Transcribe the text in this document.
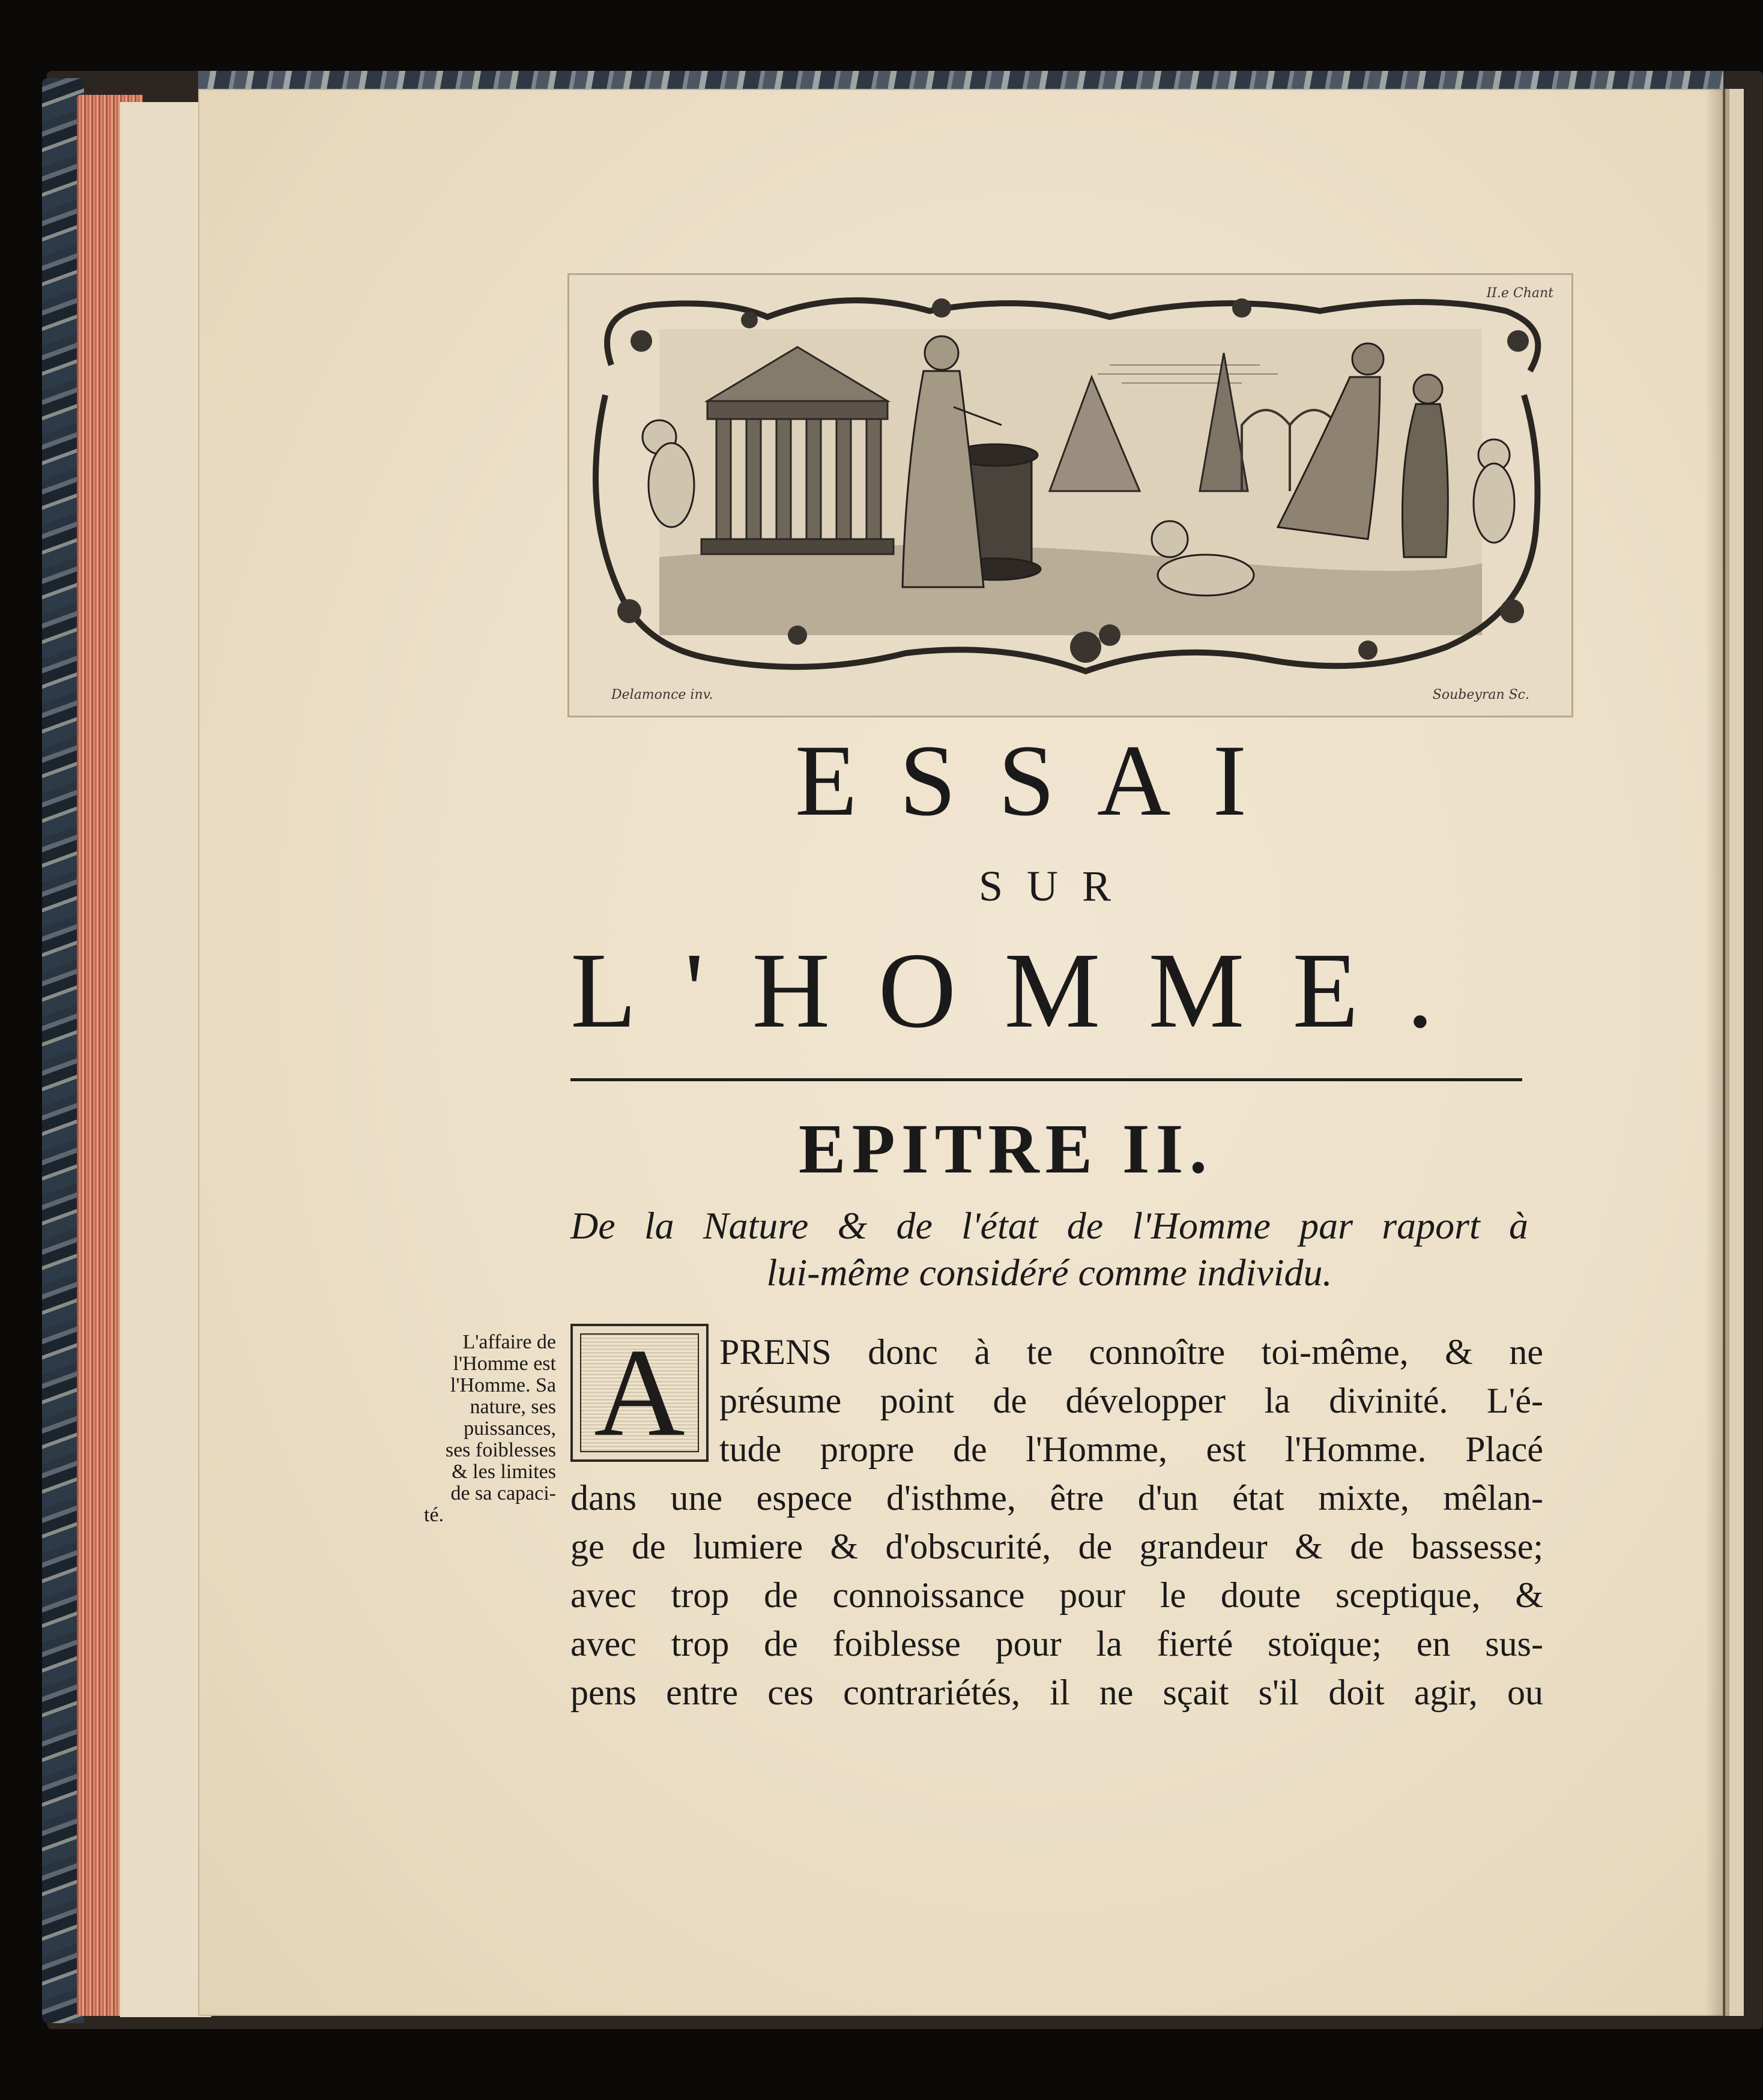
II.e Chant
Delamonce inv.	Soubeyran Sc.
ESSAI
SUR
L'HOMME.
EPITRE II.
De la Nature & de l'état de l'Homme par raport à
lui-même considéré comme individu.
L'affaire de
l'Homme est
l'Homme. Sa
nature, ses
puissances,
ses foiblesses
& les limites
de sa capaci-
té.
A PRENS donc à te connoître toi-même, & ne
présume point de développer la divinité. L'é-
tude propre de l'Homme, est l'Homme. Placé
dans une espece d'isthme, être d'un état mixte, mêlan-
ge de lumiere & d'obscurité, de grandeur & de bassesse;
avec trop de connoissance pour le doute sceptique, &
avec trop de foiblesse pour la fierté stoïque; en sus-
pens entre ces contrariétés, il ne sçait s'il doit agir, ou
